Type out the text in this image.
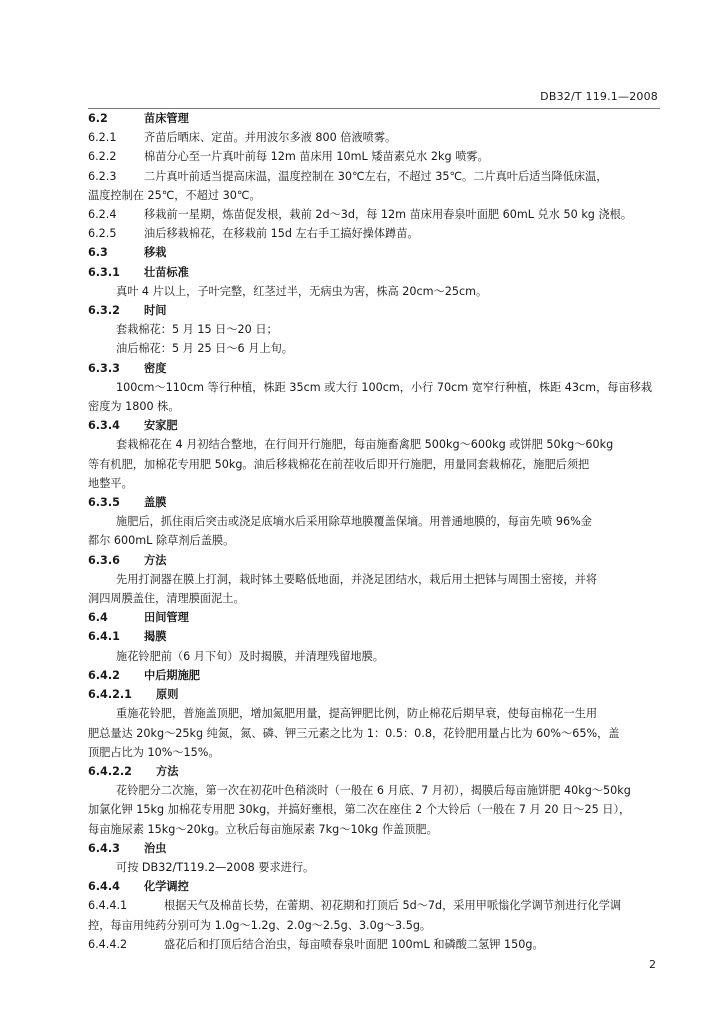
DB32/T 119.1—2008
6.2	苗床管理
6.2.1 齐苗后晒床、定苗。并用波尔多液 800 倍液喷雾。
6.2.2 棉苗分心至一片真叶前每 12m 苗床用 10mL 矮苗素兑水 2kg 喷雾。
6.2.3 二片真叶前适当提高床温，温度控制在 30℃左右，不超过 35℃。二片真叶后适当降低床温，
温度控制在 25℃，不超过 30℃。
6.2.4 移栽前一星期，炼苗促发根，栽前 2d～3d，每 12m 苗床用春泉叶面肥 60mL 兑水 50 kg 浇根。
6.2.5 油后移栽棉花，在移栽前 15d 左右手工搞好操体蹲苗。
6.3	移栽
6.3.1 壮苗标准
真叶 4 片以上，子叶完整，红茎过半，无病虫为害，株高 20cm～25cm。
6.3.2 时间
套栽棉花：5 月 15 日～20 日；
油后棉花：5 月 25 日～6 月上旬。
6.3.3 密度
100cm～110cm 等行种植，株距 35cm 或大行 100cm，小行 70cm 宽窄行种植，株距 43cm，每亩移栽
密度为 1800 株。
6.3.4 安家肥
套栽棉花在 4 月初结合整地，在行间开行施肥，每亩施畜禽肥 500kg～600kg 或饼肥 50kg～60kg
等有机肥，加棉花专用肥 50kg。油后移栽棉花在前茬收后即开行施肥，用量同套栽棉花，施肥后须把
地整平。
6.3.5 盖膜
施肥后，抓住雨后突击或浇足底墒水后采用除草地膜覆盖保墒。用普通地膜的，每亩先喷 96%金
都尔 600mL 除草剂后盖膜。
6.3.6 方法
先用打洞器在膜上打洞，栽时钵土要略低地面，并浇足团结水，栽后用土把钵与周围土密接，并将
洞四周膜盖住，清理膜面泥土。
6.4	田间管理
6.4.1 揭膜
施花铃肥前（6 月下旬）及时揭膜，并清理残留地膜。
6.4.2 中后期施肥
6.4.2.1 原则
重施花铃肥，普施盖顶肥，增加氮肥用量，提高钾肥比例，防止棉花后期早衰，使每亩棉花一生用
肥总量达 20kg～25kg 纯氮，氮、磷、钾三元素之比为 1：0.5：0.8，花铃肥用量占比为 60%～65%，盖
顶肥占比为 10%～15%。
6.4.2.2 方法
花铃肥分二次施，第一次在初花叶色稍淡时（一般在 6 月底、7 月初），揭膜后每亩施饼肥 40kg～50kg
加氯化钾 15kg 加棉花专用肥 30kg，并搞好壅根，第二次在座住 2 个大铃后（一般在 7 月 20 日～25 日），
每亩施尿素 15kg～20kg。立秋后每亩施尿素 7kg～10kg 作盖顶肥。
6.4.3 治虫
可按 DB32/T119.2—2008 要求进行。
6.4.4 化学调控
6.4.4.1	根据天气及棉苗长势，在蕾期、初花期和打顶后 5d～7d，采用甲哌慃化学调节剂进行化学调
控，每亩用纯药分别可为 1.0g～1.2g、2.0g～2.5g、3.0g～3.5g。
6.4.4.2	盛花后和打顶后结合治虫，每亩喷春泉叶面肥 100mL 和磷酸二氢钾 150g。
2
